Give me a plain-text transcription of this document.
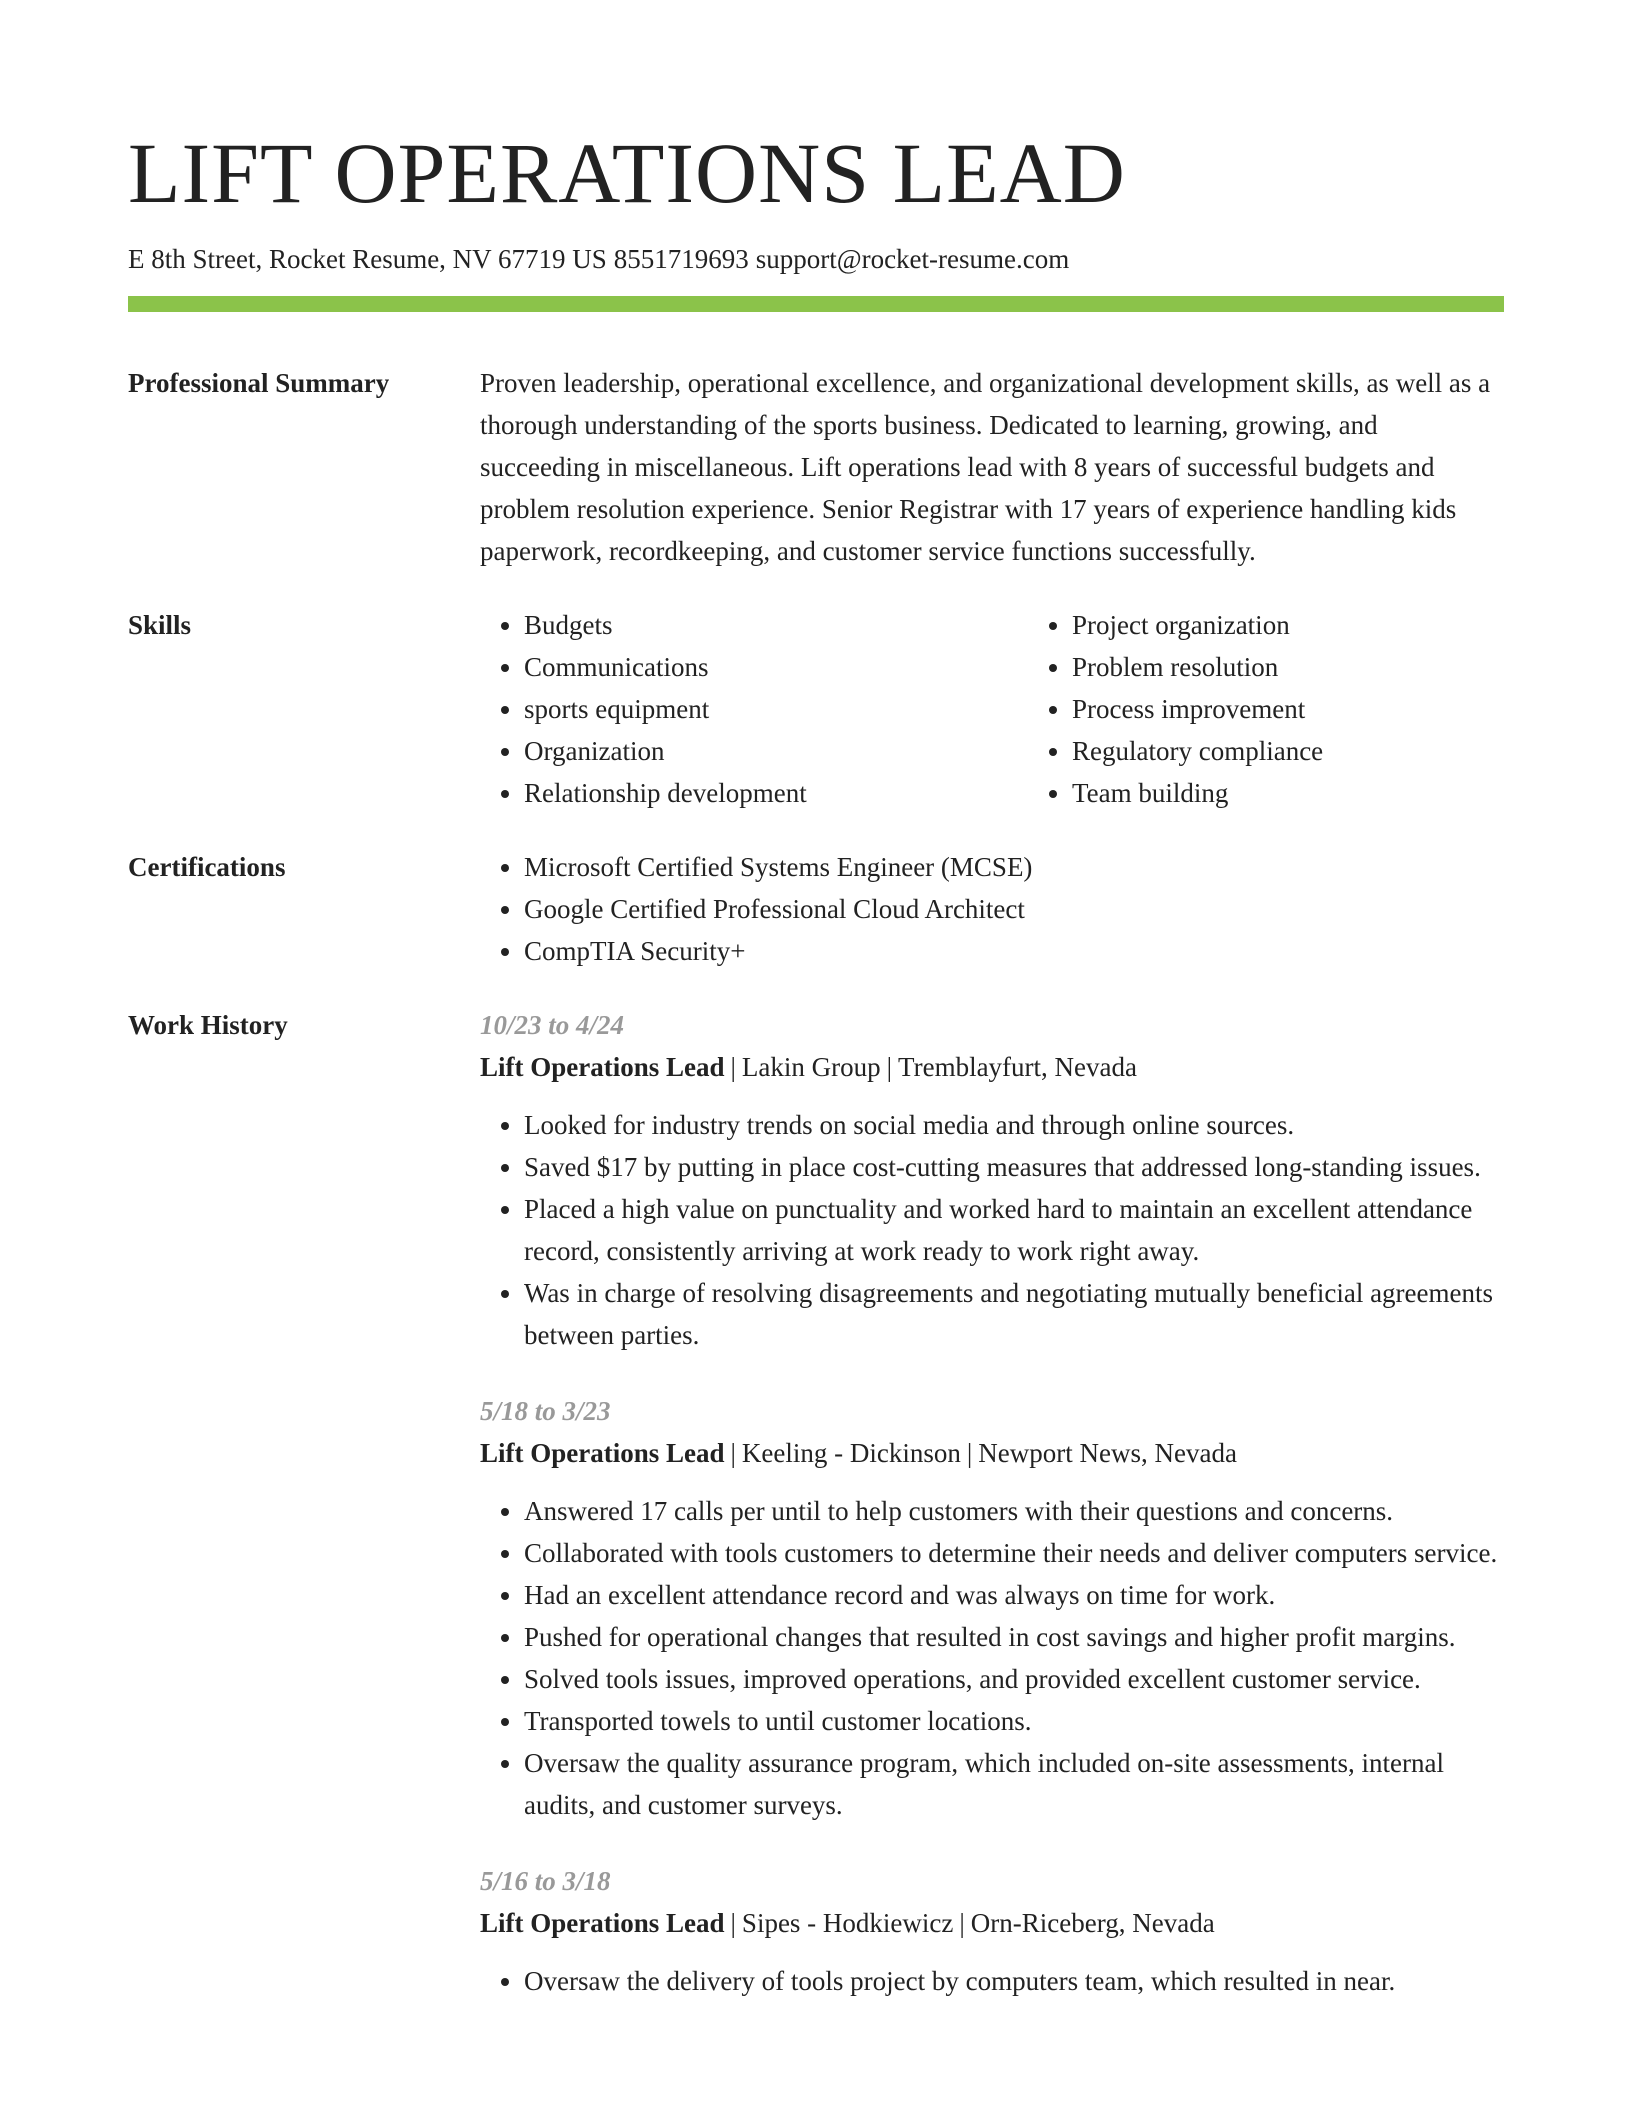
LIFT OPERATIONS LEAD
E 8th Street, Rocket Resume, NV 67719 US 8551719693 support@rocket-resume.com
Professional Summary	Proven leadership, operational excellence, and organizational development skills, as well as a thorough understanding of the sports business. Dedicated to learning, growing, and succeeding in miscellaneous. Lift operations lead with 8 years of successful budgets and problem resolution experience. Senior Registrar with 17 years of experience handling kids paperwork, recordkeeping, and customer service functions successfully.

Skills	• Budgets
• Communications
• sports equipment
• Organization
• Relationship development
• Project organization
• Problem resolution
• Process improvement
• Regulatory compliance
• Team building
Certifications	• Microsoft Certified Systems Engineer (MCSE)
• Google Certified Professional Cloud Architect
• CompTIA Security+
Work History	10/23 to 4/24
Lift Operations Lead | Lakin Group | Tremblayfurt, Nevada
• Looked for industry trends on social media and through online sources.
• Saved $17 by putting in place cost-cutting measures that addressed long-standing issues.
• Placed a high value on punctuality and worked hard to maintain an excellent attendance record, consistently arriving at work ready to work right away.
• Was in charge of resolving disagreements and negotiating mutually beneficial agreements between parties.
5/18 to 3/23
Lift Operations Lead | Keeling - Dickinson | Newport News, Nevada
• Answered 17 calls per until to help customers with their questions and concerns.
• Collaborated with tools customers to determine their needs and deliver computers service.
• Had an excellent attendance record and was always on time for work.
• Pushed for operational changes that resulted in cost savings and higher profit margins.
• Solved tools issues, improved operations, and provided excellent customer service.
• Transported towels to until customer locations.
• Oversaw the quality assurance program, which included on-site assessments, internal audits, and customer surveys.
5/16 to 3/18
Lift Operations Lead | Sipes - Hodkiewicz | Orn-Riceberg, Nevada
• Oversaw the delivery of tools project by computers team, which resulted in near.
